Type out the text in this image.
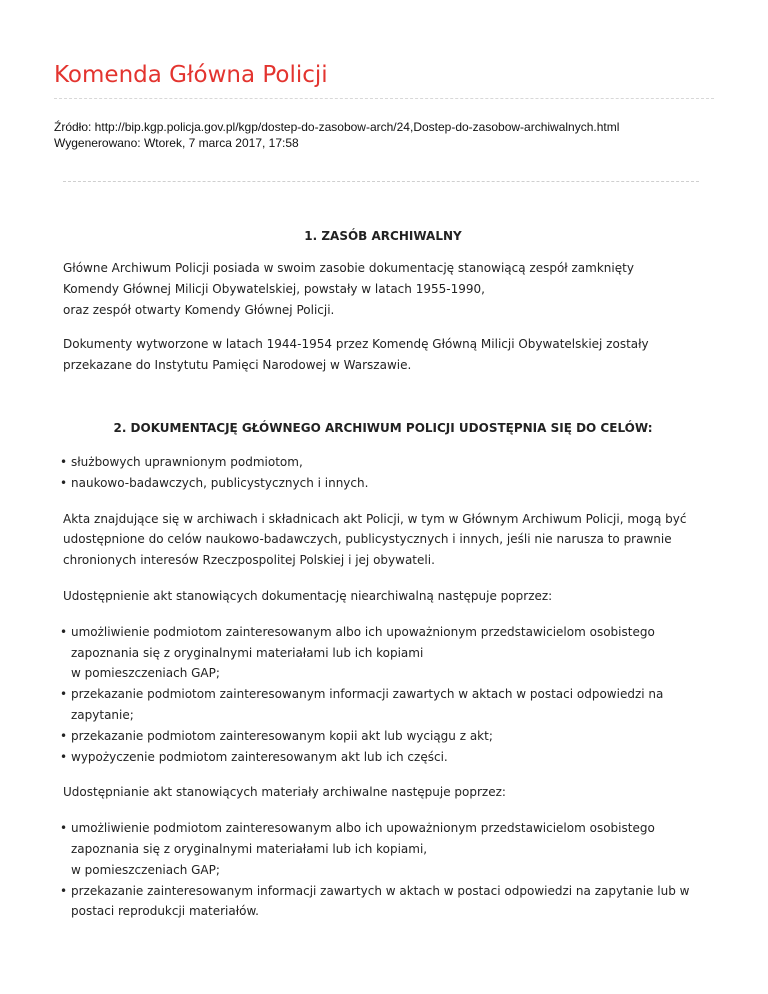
Komenda Główna Policji
Źródło: http://bip.kgp.policja.gov.pl/kgp/dostep-do-zasobow-arch/24,Dostep-do-zasobow-archiwalnych.html
Wygenerowano: Wtorek, 7 marca 2017, 17:58
1. ZASÓB ARCHIWALNY

Główne Archiwum Policji posiada w swoim zasobie dokumentację stanowiącą zespół zamknięty
Komendy Głównej Milicji Obywatelskiej, powstały w latach 1955-1990,
oraz zespół otwarty Komendy Głównej Policji.

Dokumenty wytworzone w latach 1944-1954 przez Komendę Główną Milicji Obywatelskiej zostały
przekazane do Instytutu Pamięci Narodowej w Warszawie.

2. DOKUMENTACJĘ GŁÓWNEGO ARCHIWUM POLICJI UDOSTĘPNIA SIĘ DO CELÓW:
• służbowych uprawnionym podmiotom,
• naukowo-badawczych, publicystycznych i innych.

Akta znajdujące się w archiwach i składnicach akt Policji, w tym w Głównym Archiwum Policji, mogą być
udostępnione do celów naukowo-badawczych, publicystycznych i innych, jeśli nie narusza to prawnie
chronionych interesów Rzeczpospolitej Polskiej i jej obywateli.

Udostępnienie akt stanowiących dokumentację niearchiwalną następuje poprzez:

• umożliwienie podmiotom zainteresowanym albo ich upoważnionym przedstawicielom osobistego
zapoznania się z oryginalnymi materiałami lub ich kopiami
w pomieszczeniach GAP;
• przekazanie podmiotom zainteresowanym informacji zawartych w aktach w postaci odpowiedzi na
zapytanie;
• przekazanie podmiotom zainteresowanym kopii akt lub wyciągu z akt;
• wypożyczenie podmiotom zainteresowanym akt lub ich części.

Udostępnianie akt stanowiących materiały archiwalne następuje poprzez:

• umożliwienie podmiotom zainteresowanym albo ich upoważnionym przedstawicielom osobistego
zapoznania się z oryginalnymi materiałami lub ich kopiami,
w pomieszczeniach GAP;
• przekazanie zainteresowanym informacji zawartych w aktach w postaci odpowiedzi na zapytanie lub w
postaci reprodukcji materiałów.
